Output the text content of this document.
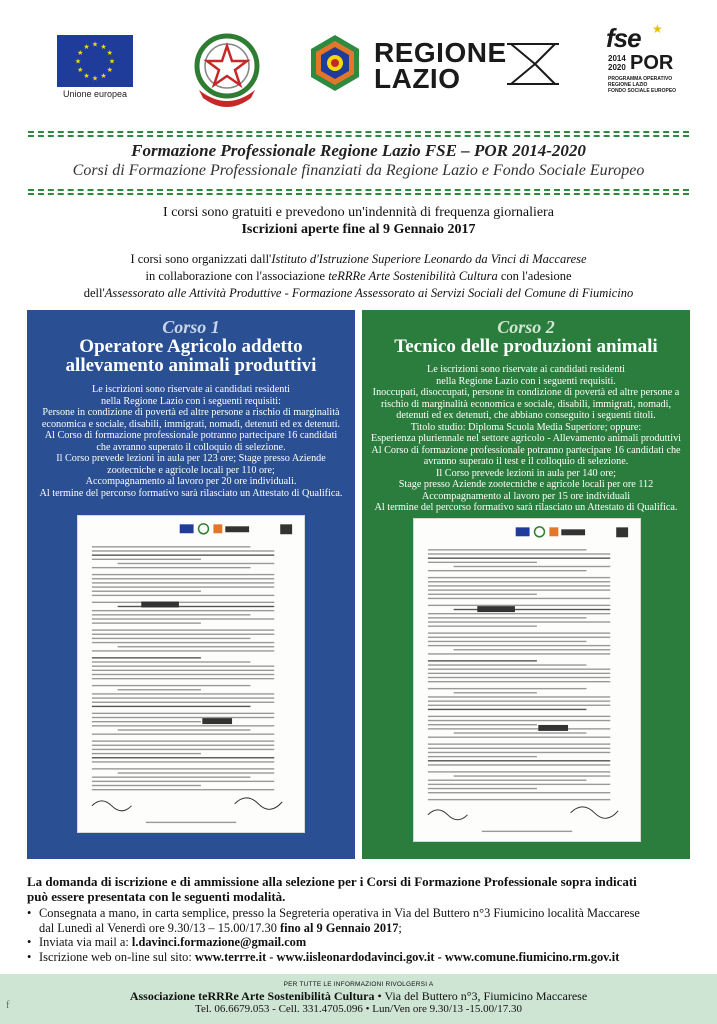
★
★
★
★
★
★
★
★
★ ★ ★
★
Unione europea
REGIONE
LAZIO
★
fse
2014
2020 POR
PROGRAMMA OPERATIVO
REGIONE LAZIO
FONDO SOCIALE EUROPEO
Formazione Professionale Regione Lazio FSE – POR 2014-2020
Corsi di Formazione Professionale finanziati da Regione Lazio e Fondo Sociale Europeo
I corsi sono gratuiti e prevedono un'indennità di frequenza giornaliera
Iscrizioni aperte fine al 9 Gennaio 2017
I corsi sono organizzati dall'Istituto d'Istruzione Superiore Leonardo da Vinci di Maccarese
in collaborazione con l'associazione teRRRe Arte Sostenibilità Cultura con l'adesione
dell'Assessorato alle Attività Produttive - Formazione Assessorato ai Servizi Sociali del Comune di Fiumicino
Corso 1
Operatore Agricolo addetto
allevamento animali produttivi
Le iscrizioni sono riservate ai candidati residenti
nella Regione Lazio con i seguenti requisiti:
Persone in condizione di povertà ed altre persone a rischio di marginalità
economica e sociale, disabili, immigrati, nomadi, detenuti ed ex detenuti.
Al Corso di formazione professionale potranno partecipare 16 candidati
che avranno superato il colloquio di selezione.
Il Corso prevede lezioni in aula per 123 ore; Stage presso Aziende
zootecniche e agricole locali per 110 ore;
Accompagnamento al lavoro per 20 ore individuali.
Al termine del percorso formativo sarà rilasciato un Attestato di Qualifica.
Corso 2
Tecnico delle produzioni animali
Le iscrizioni sono riservate ai candidati residenti
nella Regione Lazio con i seguenti requisiti.
Inoccupati, disoccupati, persone in condizione di povertà ed altre persone a
rischio di marginalità economica e sociale, disabili, immigrati, nomadi,
detenuti ed ex detenuti, che abbiano conseguito i seguenti titoli.
Titolo studio: Diploma Scuola Media Superiore; oppure:
Esperienza pluriennale nel settore agricolo - Allevamento animali produttivi
Al Corso di formazione professionale potranno partecipare 16 candidati che
avranno superato il test e il colloquio di selezione.
Il Corso prevede lezioni in aula per 140 ore;
Stage presso Aziende zootecniche e agricole locali per ore 112
Accompagnamento al lavoro per 15 ore individuali
Al termine del percorso formativo sarà rilasciato un Attestato di Qualifica.
La domanda di iscrizione e di ammissione alla selezione per i Corsi di Formazione Professionale sopra indicati
può essere presentata con le seguenti modalità.
• Consegnata a mano, in carta semplice, presso la Segreteria operativa in Via del Buttero n°3 Fiumicino località Maccarese
dal Lunedì al Venerdì ore 9.30/13 – 15.00/17.30 fino al 9 Gennaio 2017;
• Inviata via mail a: l.davinci.formazione@gmail.com
• Iscrizione web on-line sul sito: www.terrre.it - www.iisleonardodavinci.gov.it - www.comune.fiumicino.rm.gov.it
PER TUTTE LE INFORMAZIONI RIVOLGERSI A
Associazione teRRRe Arte Sostenibilità Cultura • Via del Buttero n°3, Fiumicino Maccarese
Tel. 06.6679.053 - Cell. 331.4705.096 • Lun/Ven ore 9.30/13 -15.00/17.30
f
